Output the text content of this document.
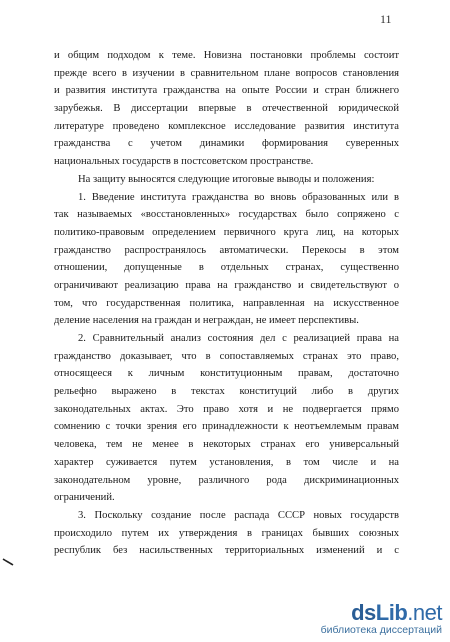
11
и общим подходом к теме. Новизна постановки проблемы состоит
прежде всего в изучении в сравнительном плане вопросов становления
и развития института гражданства на опыте России и стран ближнего
зарубежья. В диссертации впервые в отечественной юридической
литературе проведено комплексное исследование развития института
гражданства с учетом динамики формирования суверенных
национальных государств в постсоветском пространстве.
На защиту выносятся следующие итоговые выводы и положения:
1. Введение института гражданства во вновь образованных или в
так называемых «восстановленных» государствах было сопряжено с
политико-правовым определением первичного круга лиц, на которых
гражданство распространялось автоматически. Перекосы в этом
отношении, допущенные в отдельных странах, существенно
ограничивают реализацию права на гражданство и свидетельствуют о
том, что государственная политика, направленная на искусственное
деление населения на граждан и неграждан, не имеет перспективы.
2. Сравнительный анализ состояния дел с реализацией права на
гражданство доказывает, что в сопоставляемых странах это право,
относящееся к личным конституционным правам, достаточно
рельефно выражено в текстах конституций либо в других
законодательных актах. Это право хотя и не подвергается прямо
сомнению с точки зрения его принадлежности к неотъемлемым правам
человека, тем не менее в некоторых странах его универсальный
характер суживается путем установления, в том числе и на
законодательном уровне, различного рода дискриминационных
ограничений.
3. Поскольку создание после распада СССР новых государств
происходило путем их утверждения в границах бывших союзных
республик без насильственных территориальных изменений и с
dsLib.net
библиотека диссертаций
